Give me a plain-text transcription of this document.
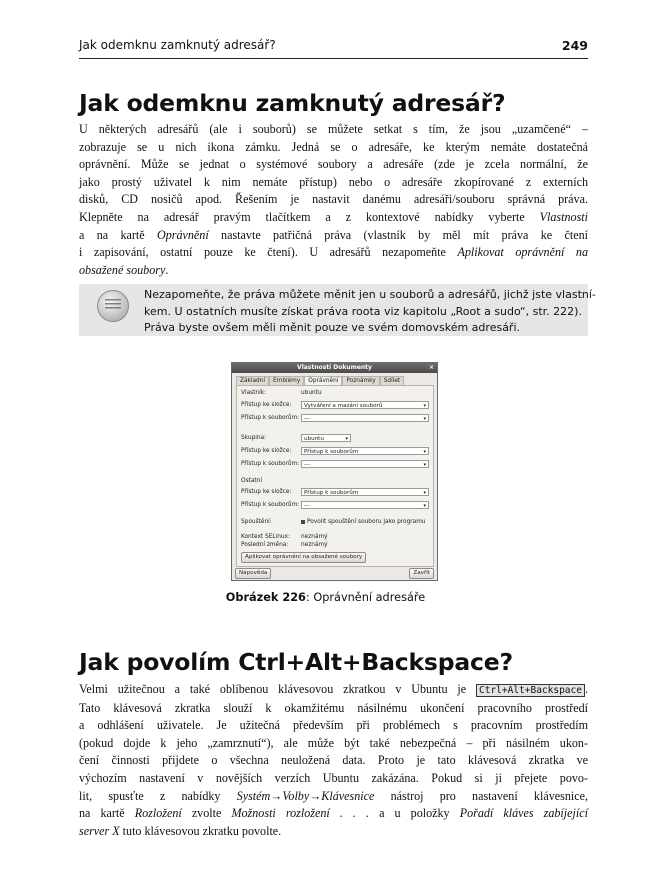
Jak odemknu zamknutý adresář?	249
Jak odemknu zamknutý adresář?
U některých adresářů (ale i souborů) se můžete setkat s tím, že jsou „uzamčené“ –
zobrazuje se u nich ikona zámku. Jedná se o adresáře, ke kterým nemáte dostatečná
oprávnění. Může se jednat o systémové soubory a adresáře (zde je zcela normální, že
jako prostý uživatel k nim nemáte přístup) nebo o adresáře zkopírované z externích
disků, CD nosičů apod. Řešením je nastavit danému adresáři/souboru správná práva.
Klepněte na adresář pravým tlačítkem a z kontextové nabídky vyberte Vlastnosti
a na kartě Oprávnění nastavte patřičná práva (vlastník by měl mít práva ke čtení
i zapisování, ostatní pouze ke čtení). U adresářů nezapomeňte Aplikovat oprávnění na
obsažené soubory.
Nezapomeňte, že práva můžete měnit jen u souborů a adresářů, jichž jste vlastní-
kem. U ostatních musíte získat práva roota viz kapitolu „Root a sudo“, str. 222).
Práva byste ovšem měli měnit pouze ve svém domovském adresáři.
Vlastnosti Dokumenty	×
Základní	Emblémy	Oprávnění	Poznámky	Sdílet
Vlastník:	ubuntu
Přístup ke složce:	Vytváření a mazání souborů	▾
Přístup k souborům: ---	▾
Skupina:	ubuntu	▾
Přístup ke složce:	Přístup k souborům	▾
Přístup k souborům: ---	▾
Ostatní
Přístup ke složce:	Přístup k souborům	▾
Přístup k souborům: ---	▾
Spouštění:	Povolit spouštění souboru jako programu
Kontext SELinux: neznámý
Poslední změna: neznámý
Aplikovat oprávnění na obsažené soubory
Nápověda	Zavřít
Obrázek 226: Oprávnění adresáře
Jak povolím Ctrl+Alt+Backspace?
Velmi užitečnou a také oblíbenou klávesovou zkratkou v Ubuntu je Ctrl+Alt+Backspace .
Tato klávesová zkratka slouží k okamžitému násilnému ukončení pracovního prostředí
a odhlášení uživatele. Je užitečná především při problémech s pracovním prostředím
(pokud dojde k jeho „zamrznutí“), ale může být také nebezpečná – při násilném ukon-
čení činnosti přijdete o všechna neuložená data. Proto je tato klávesová zkratka ve
výchozím nastavení v novějších verzích Ubuntu zakázána. Pokud si ji přejete povo-
lit, spusťte z nabídky Systém→Volby→Klávesnice nástroj pro nastavení klávesnice,
na kartě Rozložení zvolte Možnosti rozložení . . . a u položky Pořadí kláves zabíjející
server X tuto klávesovou zkratku povolte.
